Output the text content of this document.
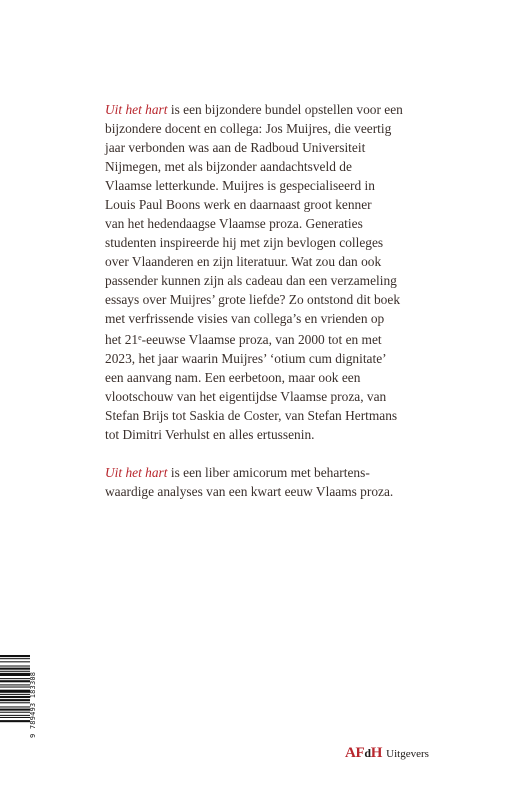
Uit het hart is een bijzondere bundel opstellen voor een
bijzondere docent en collega: Jos Muijres, die veertig
jaar verbonden was aan de Radboud Universiteit
Nijmegen, met als bijzonder aandachtsveld de
Vlaamse letterkunde. Muijres is gespecialiseerd in
Louis Paul Boons werk en daarnaast groot kenner
van het hedendaagse Vlaamse proza. Generaties
studenten inspireerde hij met zijn bevlogen colleges
over Vlaanderen en zijn literatuur. Wat zou dan ook
passender kunnen zijn als cadeau dan een verzameling
essays over Muijres’ grote liefde? Zo ontstond dit boek
met verfrissende visies van collega’s en vrienden op
het 21e-eeuwse Vlaamse proza, van 2000 tot en met
2023, het jaar waarin Muijres’ ‘otium cum dignitate’
een aanvang nam. Een eerbetoon, maar ook een
vlootschouw van het eigentijdse Vlaamse proza, van
Stefan Brijs tot Saskia de Coster, van Stefan Hertmans
tot Dimitri Verhulst en alles ertussenin.

Uit het hart is een liber amicorum met behartens-
waardige analyses van een kwart eeuw Vlaams proza.

9 789493 183308
AFdH Uitgevers
